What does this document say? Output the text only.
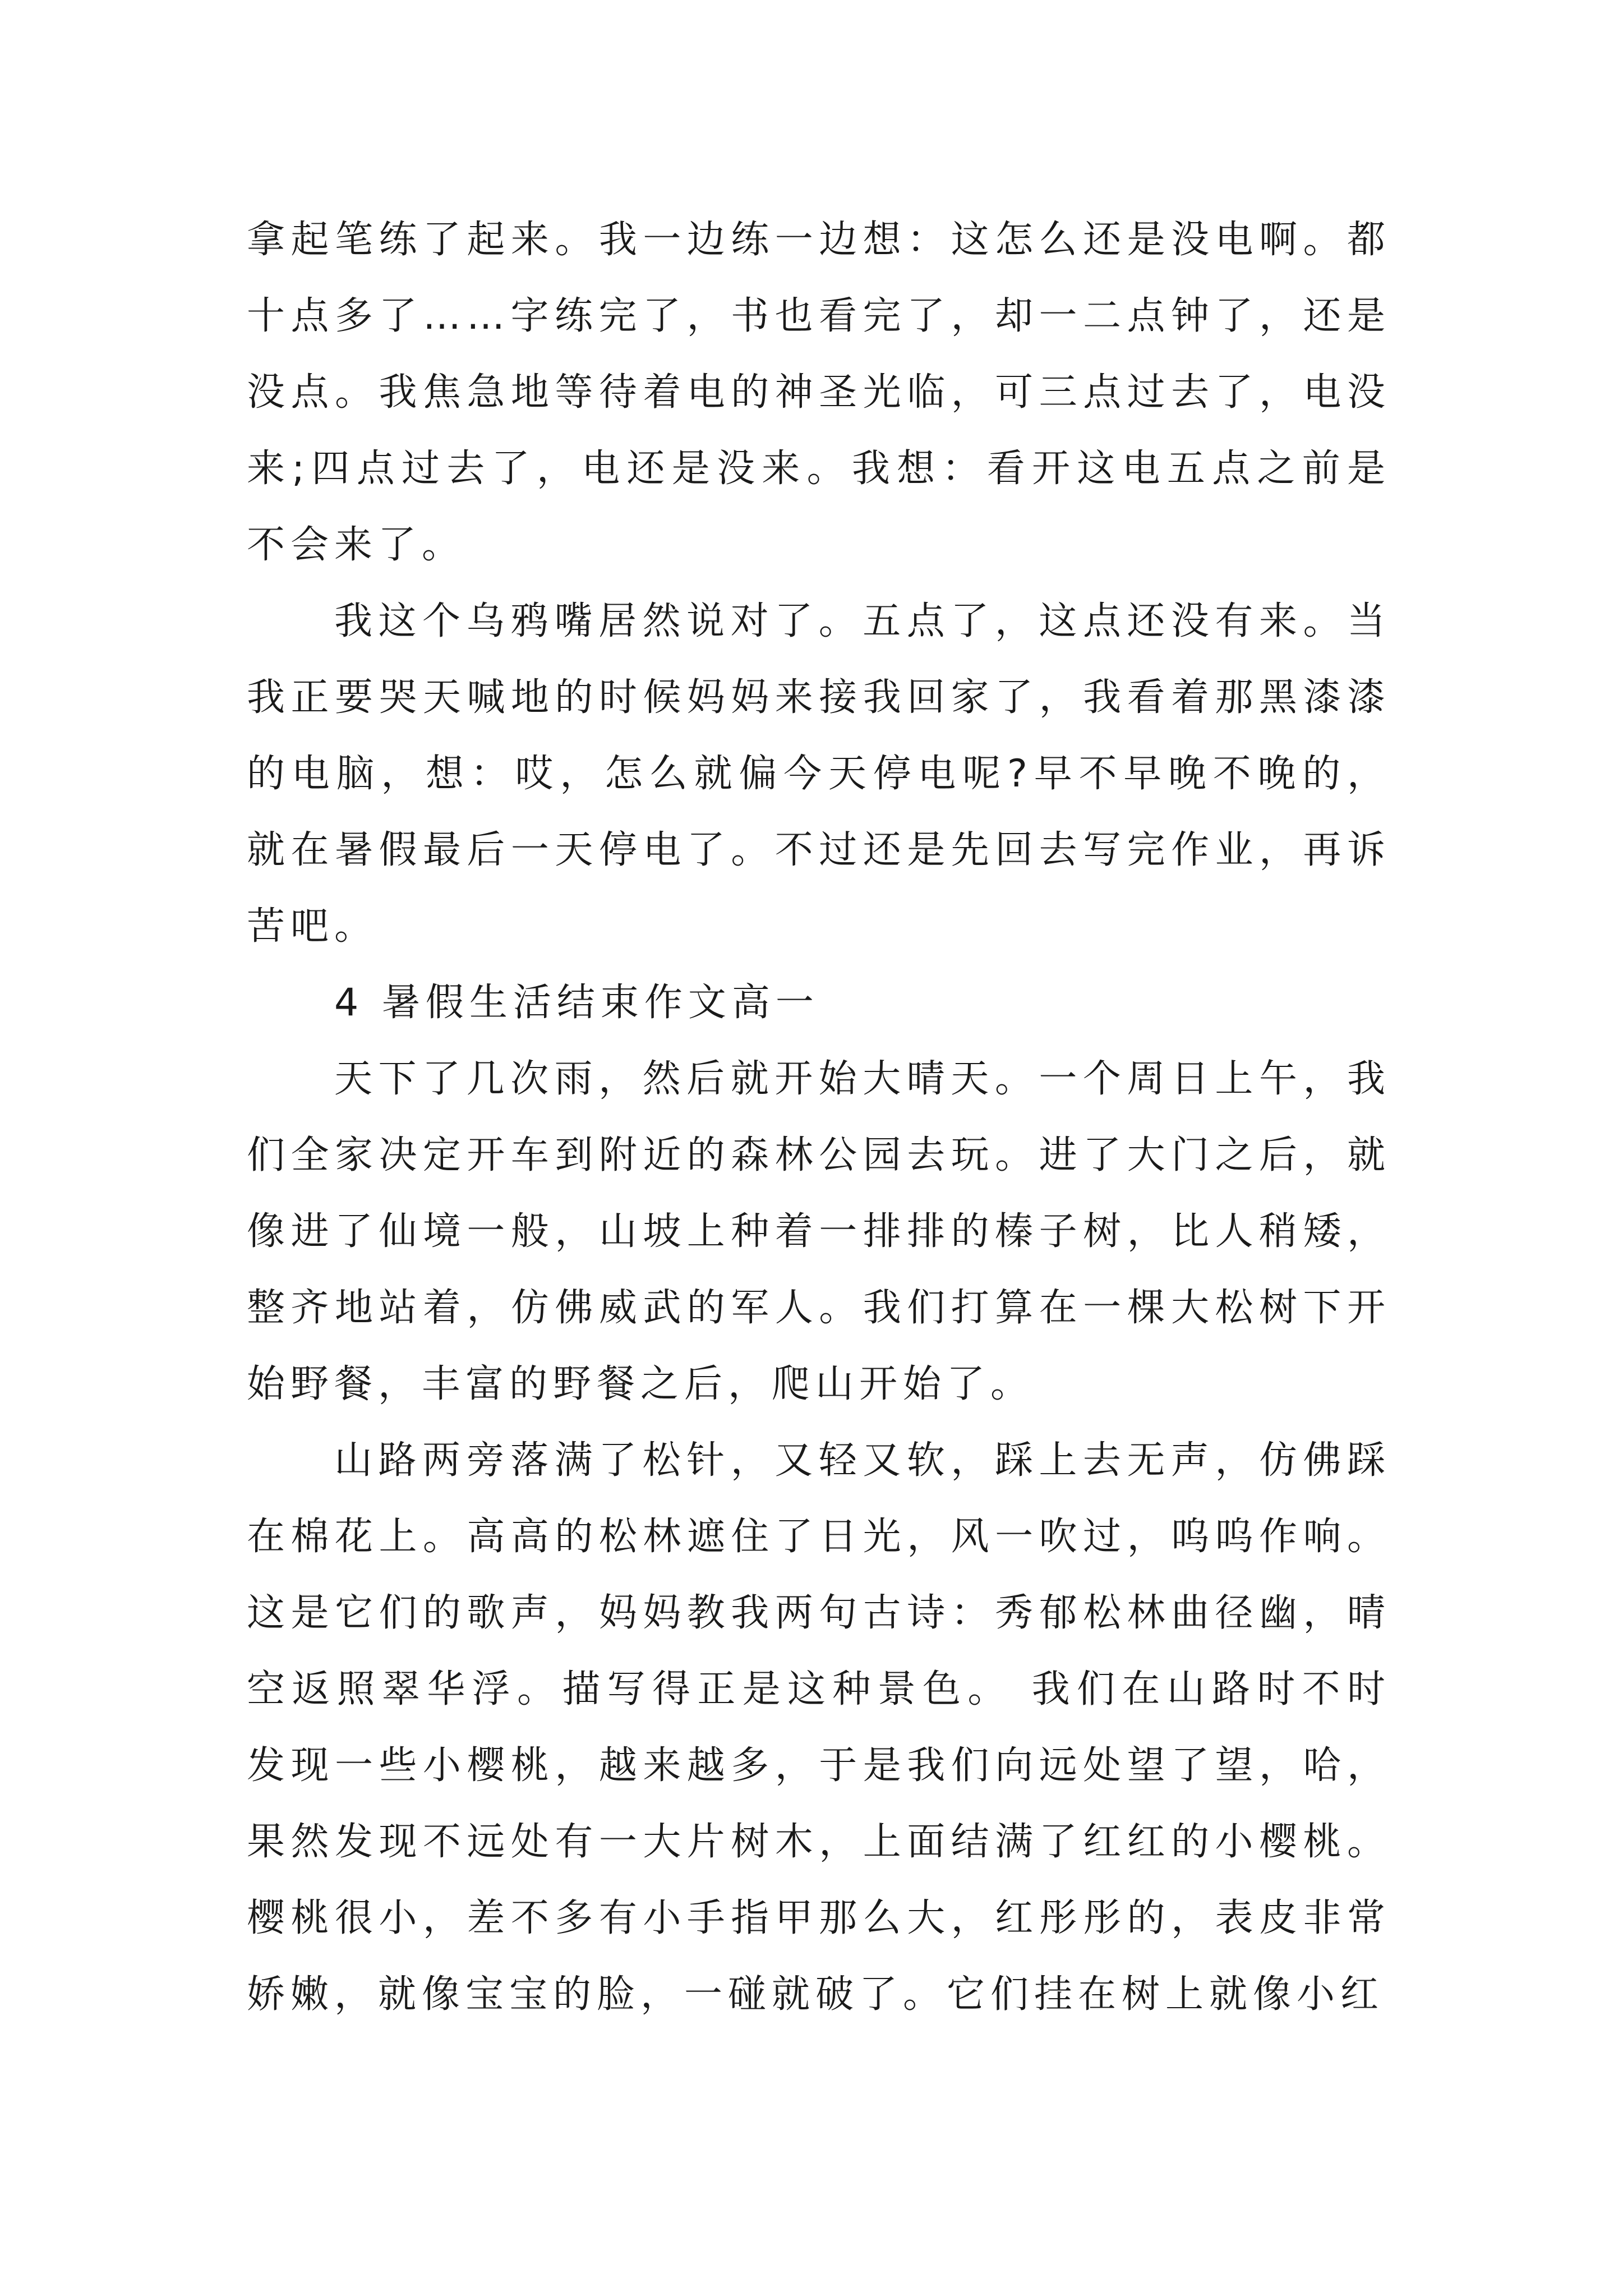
拿起笔练了起来。我一边练一边想：这怎么还是没电啊。都十点多了……字练完了，书也看完了，却一二点钟了，还是没点。我焦急地等待着电的神圣光临，可三点过去了，电没来;四点过去了，电还是没来。我想：看开这电五点之前是不会来了。

我这个乌鸦嘴居然说对了。五点了，这点还没有来。当我正要哭天喊地的时候妈妈来接我回家了，我看着那黑漆漆的电脑，想：哎，怎么就偏今天停电呢?早不早晚不晚的，就在暑假最后一天停电了。不过还是先回去写完作业，再诉苦吧。

4 暑假生活结束作文高一

天下了几次雨，然后就开始大晴天。一个周日上午，我们全家决定开车到附近的森林公园去玩。进了大门之后，就像进了仙境一般，山坡上种着一排排的榛子树，比人稍矮，整齐地站着，仿佛威武的军人。我们打算在一棵大松树下开始野餐，丰富的野餐之后，爬山开始了。

山路两旁落满了松针，又轻又软，踩上去无声，仿佛踩在棉花上。高高的松林遮住了日光，风一吹过，呜呜作响。这是它们的歌声，妈妈教我两句古诗：秀郁松林曲径幽，晴空返照翠华浮。描写得正是这种景色。 我们在山路时不时发现一些小樱桃，越来越多，于是我们向远处望了望，哈，果然发现不远处有一大片树木，上面结满了红红的小樱桃。樱桃很小，差不多有小手指甲那么大，红彤彤的，表皮非常娇嫩，就像宝宝的脸，一碰就破了。它们挂在树上就像小红
